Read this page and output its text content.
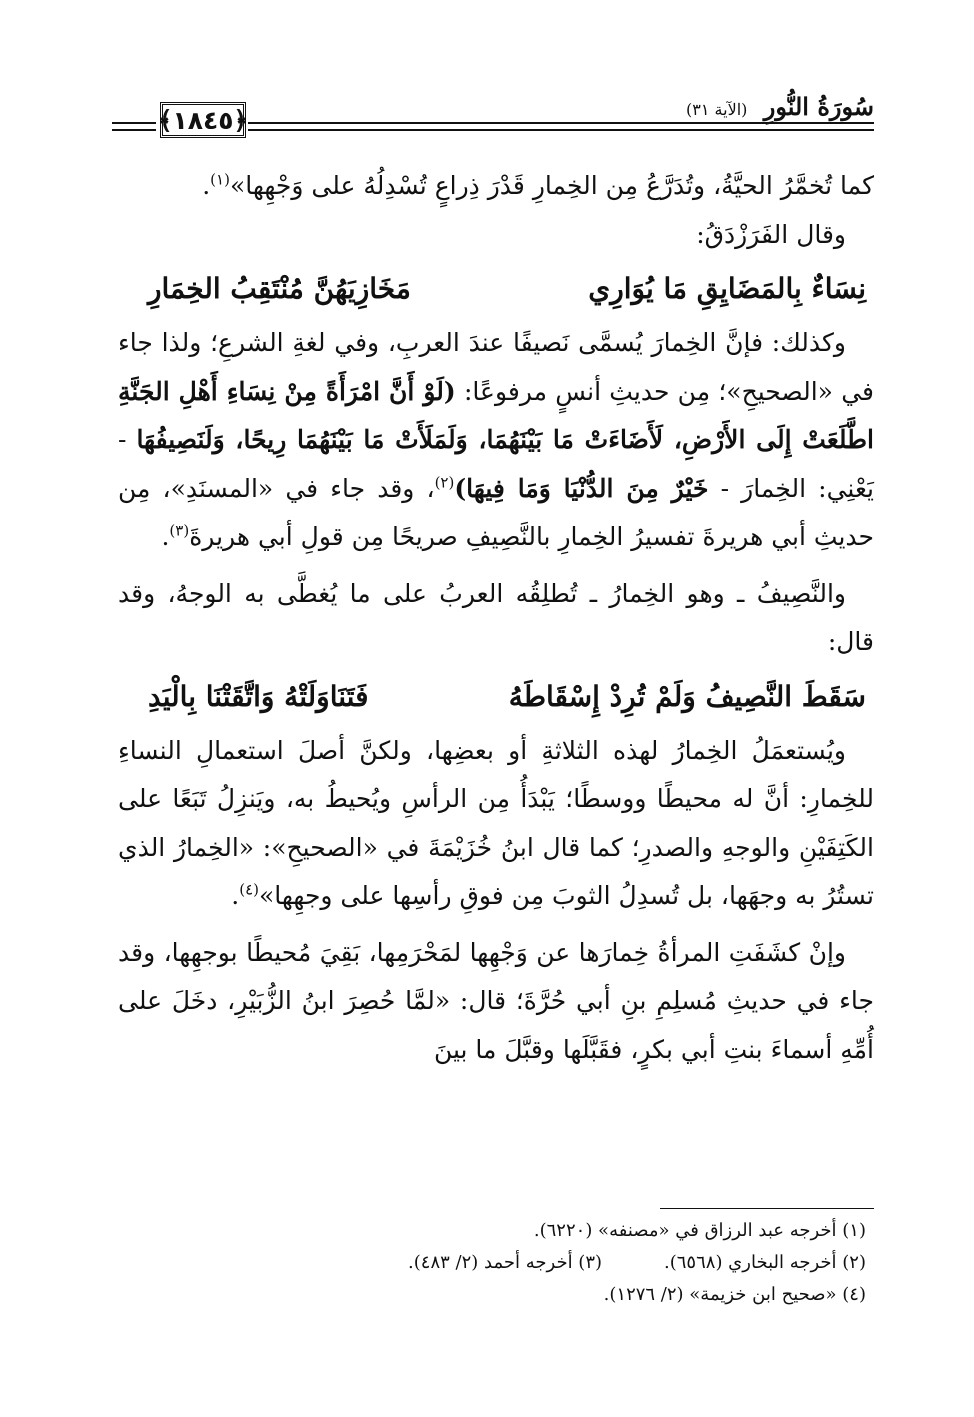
﴿١٨٤٥﴾	سُورَةُ النُّورِ (الآية ٣١)

كما تُخمَّرُ الحيَّةُ، وتُدَرَّعُ مِن الخِمارِ قَدْرَ ذِراعٍ تُسْدِلُهُ على وَجْهِها»$^{(١)}$.

وقال الفَرَزْدَقُ:

نِسَاءٌ بِالمَضَايِقِ مَا يُوَارِي
مَخَازِيَهُنَّ مُنْتَقِبُ الخِمَارِ

وكذلك: فإنَّ الخِمارَ يُسمَّى نَصيفًا عندَ العربِ، وفي لغةِ الشرعِ؛ ولذا جاء في «الصحيحِ»؛ مِن حديثِ أنسٍ مرفوعًا: (لَوْ أَنَّ امْرَأَةً مِنْ نِسَاءِ أَهْلِ الجَنَّةِ اطَّلَعَتْ إِلَى الأَرْضِ، لَأَضَاءَتْ مَا بَيْنَهُمَا، وَلَمَلَأَتْ مَا بَيْنَهُمَا رِيحًا، وَلَنَصِيفُهَا - يَعْنِي: الخِمارَ - خَيْرٌ مِنَ الدُّنْيَا وَمَا فِيهَا)$^{(٢)}$، وقد جاء في «المسنَدِ»، مِن حديثِ أبي هريرةَ تفسيرُ الخِمارِ بالنَّصِيفِ صريحًا مِن قولِ أبي هريرةَ$^{(٣)}$.

والنَّصِيفُ ـ وهو الخِمارُ ـ تُطلِقُه العربُ على ما يُغطَّى به الوجهُ، وقد قال:

سَقَطَ النَّصِيفُ وَلَمْ تُرِدْ إِسْقَاطَهُ
فَتَنَاوَلَتْهُ وَاتَّقَتْنَا بِالْيَدِ

ويُستعمَلُ الخِمارُ لهذه الثلاثةِ أو بعضِها، ولكنَّ أصلَ استعمالِ النساءِ للخِمارِ: أنَّ له محيطًا ووسطًا؛ يَبْدَأُ مِن الرأسِ ويُحيطُ به، ويَنزِلُ تَبَعًا على الكَتِفَيْنِ والوجهِ والصدرِ؛ كما قال ابنُ خُزَيْمَةَ في «الصحيحِ»: «الخِمارُ الذي تستُرُ به وجهَها، بل تُسدِلُ الثوبَ مِن فوقِ رأسِها على وجهِها»$^{(٤)}$.

وإنْ كشَفَتِ المرأةُ خِمارَها عن وَجْهِها لمَحْرَمِها، بَقِيَ مُحيطًا بوجهِها، وقد جاء في حديثِ مُسلِمِ بنِ أبي حُرَّةَ؛ قال: «لمَّا حُصِرَ ابنُ الزُّبَيْرِ، دخَلَ على أُمِّهِ أسماءَ بنتِ أبي بكرٍ، فقَبَّلَها وقبَّلَ ما بينَ

(١) أخرجه عبد الرزاق في «مصنفه» (٦٢٢٠).
(٢) أخرجه البخاري (٦٥٦٨).
(٣) أخرجه أحمد (٢/ ٤٨٣).
(٤) «صحيح ابن خزيمة» (٢/ ١٢٧٦).
